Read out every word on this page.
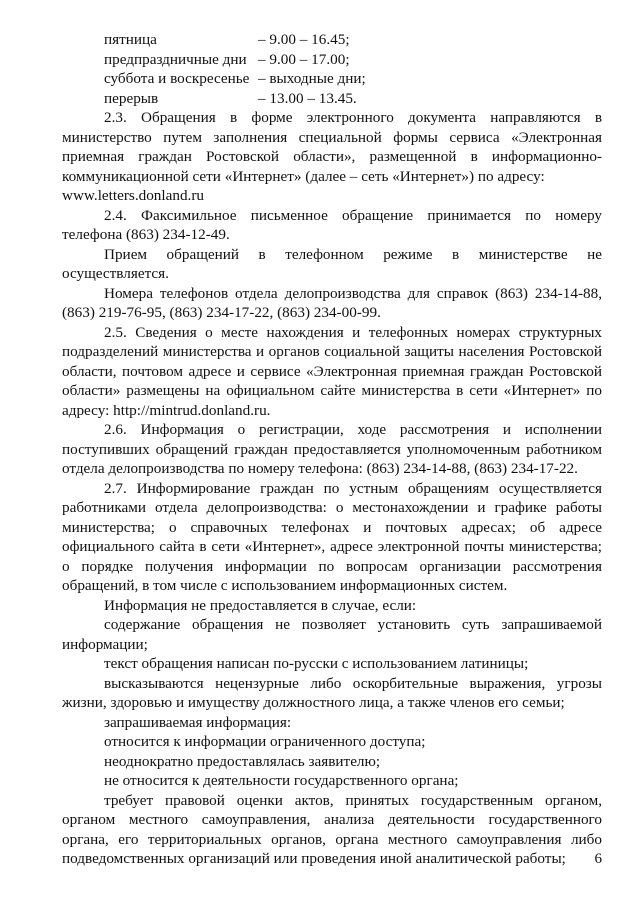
пятница	– 9.00 – 16.45;
предпраздничные дни – 9.00 – 17.00;
суббота и воскресенье – выходные дни;
перерыв	– 13.00 – 13.45.

2.3. Обращения в форме электронного документа направляются в министерство путем заполнения специальной формы сервиса «Электронная приемная граждан Ростовской области», размещенной в информационно-коммуникационной сети «Интернет» (далее – сеть «Интернет») по адресу:

www.letters.donland.ru

2.4. Факсимильное письменное обращение принимается по номеру телефона (863) 234-12-49.

Прием обращений в телефонном режиме в министерстве не осуществляется.

Номера телефонов отдела делопроизводства для справок (863) 234-14-88, (863) 219-76-95, (863) 234-17-22, (863) 234-00-99.

2.5. Сведения о месте нахождения и телефонных номерах структурных подразделений министерства и органов социальной защиты населения Ростовской области, почтовом адресе и сервисе «Электронная приемная граждан Ростовской области» размещены на официальном сайте министерства в сети «Интернет» по адресу: http://mintrud.donland.ru.

2.6. Информация о регистрации, ходе рассмотрения и исполнении поступивших обращений граждан предоставляется уполномоченным работником отдела делопроизводства по номеру телефона: (863) 234-14-88, (863) 234-17-22.

2.7. Информирование граждан по устным обращениям осуществляется работниками отдела делопроизводства: о местонахождении и графике работы министерства; о справочных телефонах и почтовых адресах; об адресе официального сайта в сети «Интернет», адресе электронной почты министерства; о порядке получения информации по вопросам организации рассмотрения обращений, в том числе с использованием информационных систем.

Информация не предоставляется в случае, если:

содержание обращения не позволяет установить суть запрашиваемой информации;

текст обращения написан по-русски с использованием латиницы;

высказываются нецензурные либо оскорбительные выражения, угрозы жизни, здоровью и имуществу должностного лица, а также членов его семьи;

запрашиваемая информация:

относится к информации ограниченного доступа;

неоднократно предоставлялась заявителю;

не относится к деятельности государственного органа;

требует правовой оценки актов, принятых государственным органом, органом местного самоуправления, анализа деятельности государственного органа, его территориальных органов, органа местного самоуправления либо подведомственных организаций или проведения иной аналитической работы;	6
